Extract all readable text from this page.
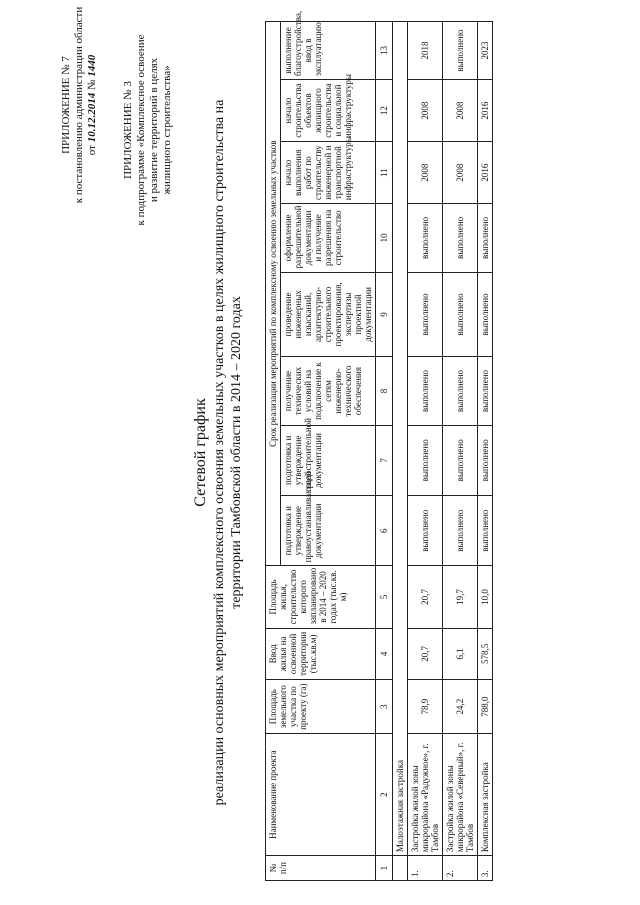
ПРИЛОЖЕНИЕ № 7 к постановлению администрации области от 10.12.2014 № 1440
ПРИЛОЖЕНИЕ № 3 к подпрограмме «Комплексное освоение и развитие территорий в целях жилищного строительства»
Сетевой график реализации основных мероприятий комплексного освоения земельных участков в целях жилищного строительства на территории Тамбовской области в 2014 – 2020 годах
№ п/п	Наименование проекта	Площадь земельного участка по проекту (га)	Ввод жилья на освоенной территории (тыс.кв.м)	Площадь жилья, строительство которого запланировано в 2014 – 2020 годах (тыс.кв. м)	Срок реализации мероприятий по комплексному освоению земельных участков							
					подготовка и утверждение правоустанавливающей документации	подготовка и утверждение градостроительной документации	получение технических условий на подключение к сетям инженерно-технического обеспечения	проведение инженерных изысканий, архитектурно-строительного проектирования, экспертизы проектной документации	оформление разрешительной документации и получение разрешения на строительство	начало выполнения работ по строительству инженерной и транспортной инфраструктуры	начало строительства объектов жилищного строительства и социальной инфраструктуры	выполнение благоустройства, ввод в эксплуатацию
1	2	3	4	5	6	7	8	9	10	11	12	13
	Малоэтажная застройка											
1.	Застройка жилой зоны микрорайона «Радужное», г. Тамбов	78,9	20,7	20,7	выполнено	выполнено	выполнено	выполнено	выполнено	2008	2008	2018
2.	Застройка жилой зоны микрорайона «Северный», г. Тамбов	24,2	6,1	19,7	выполнено	выполнено	выполнено	выполнено	выполнено	2008	2008	выполнено
3.	Комплексная застройка	788,0	578,5	10,0	выполнено	выполнено	выполнено	выполнено	выполнено	2016	2016	2023
